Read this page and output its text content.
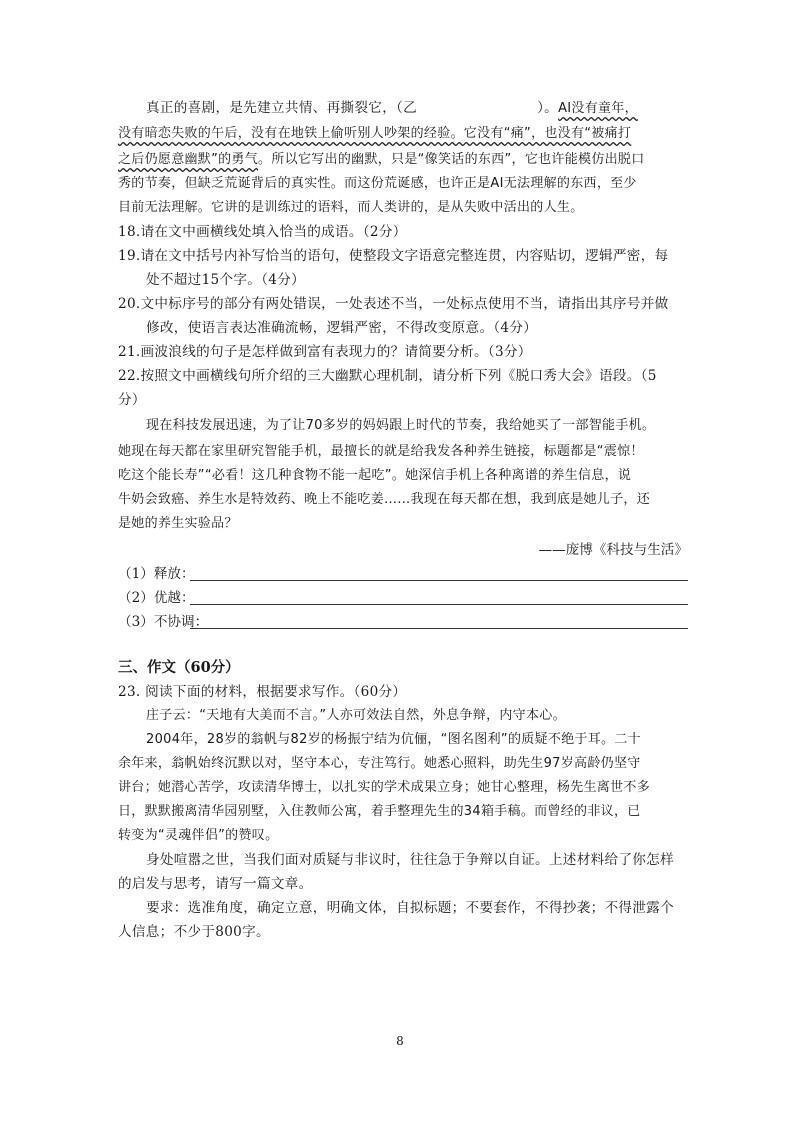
真正的喜剧，是先建立共情、再撕裂它，（乙	）。AI没有童年，
没有暗恋失败的午后，没有在地铁上偷听别人吵架的经验。它没有“痛”，也没有“被痛打
之后仍愿意幽默”的勇气。所以它写出的幽默，只是“像笑话的东西”，它也许能模仿出脱口
秀的节奏，但缺乏荒诞背后的真实性。而这份荒诞感，也许正是AI无法理解的东西，至少
目前无法理解。它讲的是训练过的语料，而人类讲的，是从失败中活出的人生。
18.请在文中画横线处填入恰当的成语。（2分）
19.请在文中括号内补写恰当的语句，使整段文字语意完整连贯，内容贴切，逻辑严密，每
处不超过15个字。（4分）
20.文中标序号的部分有两处错误，一处表述不当，一处标点使用不当，请指出其序号并做
修改，使语言表达准确流畅，逻辑严密，不得改变原意。（4分）
21.画波浪线的句子是怎样做到富有表现力的？请简要分析。（3分）
22.按照文中画横线句所介绍的三大幽默心理机制，请分析下列《脱口秀大会》语段。（5
分）
现在科技发展迅速，为了让70多岁的妈妈跟上时代的节奏，我给她买了一部智能手机。
她现在每天都在家里研究智能手机，最擅长的就是给我发各种养生链接，标题都是“震惊！
吃这个能长寿”“必看！这几种食物不能一起吃”。她深信手机上各种离谱的养生信息，说
牛奶会致癌、养生水是特效药、晚上不能吃姜……我现在每天都在想，我到底是她儿子，还
是她的养生实验品？
——庞博《科技与生活》
（1）释放：
（2）优越：
（3）不协调：
三、作文（60分）
23. 阅读下面的材料，根据要求写作。（60分）
庄子云：“天地有大美而不言。”人亦可效法自然，外息争辩，内守本心。
2004年，28岁的翁帆与82岁的杨振宁结为伉俪，“图名图利”的质疑不绝于耳。二十
余年来，翁帆始终沉默以对，坚守本心，专注笃行。她悉心照料，助先生97岁高龄仍坚守
讲台；她潜心苦学，攻读清华博士，以扎实的学术成果立身；她甘心整理，杨先生离世不多
日，默默搬离清华园别墅，入住教师公寓，着手整理先生的34箱手稿。而曾经的非议，已
转变为“灵魂伴侣”的赞叹。
身处喧嚣之世，当我们面对质疑与非议时，往往急于争辩以自证。上述材料给了你怎样
的启发与思考，请写一篇文章。
要求：选准角度，确定立意，明确文体，自拟标题；不要套作，不得抄袭；不得泄露个
人信息；不少于800字。
8
